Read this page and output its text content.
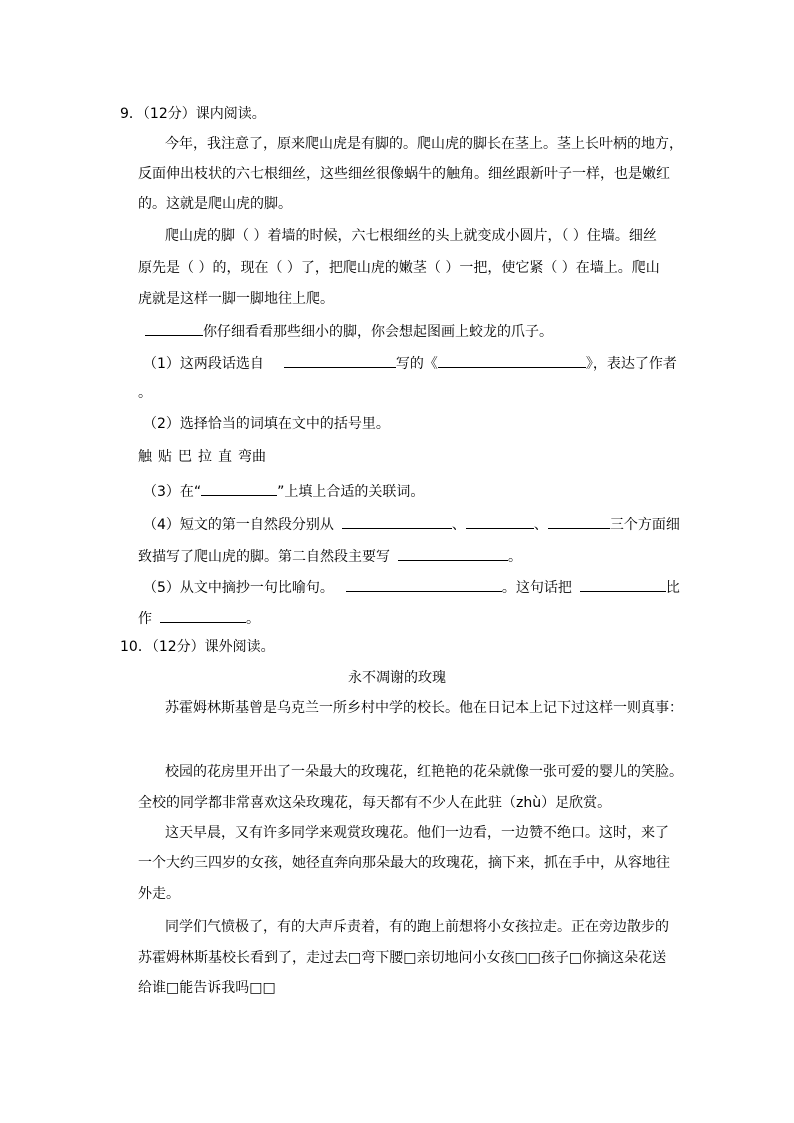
9．（12分）课内阅读。
今年，我注意了，原来爬山虎是有脚的。爬山虎的脚长在茎上。茎上长叶柄的地方，
反面伸出枝状的六七根细丝，这些细丝很像蜗牛的触角。细丝跟新叶子一样，也是嫩红
的。这就是爬山虎的脚。
爬山虎的脚（ ）着墙的时候，六七根细丝的头上就变成小圆片，（ ）住墙。细丝
原先是（ ）的，现在（ ）了，把爬山虎的嫩茎（ ）一把，使它紧（ ）在墙上。爬山
虎就是这样一脚一脚地往上爬。
你仔细看看那些细小的脚，你会想起图画上蛟龙的爪子。
（1）这两段话选自	写的《	》，表达了作者
。
（2）选择恰当的词填在文中的括号里。
触 贴 巴 拉 直 弯曲
（3）在“	”上填上合适的关联词。
（4）短文的第一自然段分别从	、	、	三个方面细
致描写了爬山虎的脚。第二自然段主要写	。
（5）从文中摘抄一句比喻句。	。这句话把	比
作	。
10．（12分）课外阅读。
永不凋谢的玫瑰
苏霍姆林斯基曾是乌克兰一所乡村中学的校长。他在日记本上记下过这样一则真事：
校园的花房里开出了一朵最大的玫瑰花，红艳艳的花朵就像一张可爱的婴儿的笑脸。
全校的同学都非常喜欢这朵玫瑰花，每天都有不少人在此驻（zhù）足欣赏。
这天早晨，又有许多同学来观赏玫瑰花。他们一边看，一边赞不绝口。这时，来了
一个大约三四岁的女孩，她径直奔向那朵最大的玫瑰花，摘下来，抓在手中，从容地往
外走。
同学们气愤极了，有的大声斥责着，有的跑上前想将小女孩拉走。正在旁边散步的
苏霍姆林斯基校长看到了，走过去□弯下腰□亲切地问小女孩□□孩子□你摘这朵花送
给谁□能告诉我吗□□
